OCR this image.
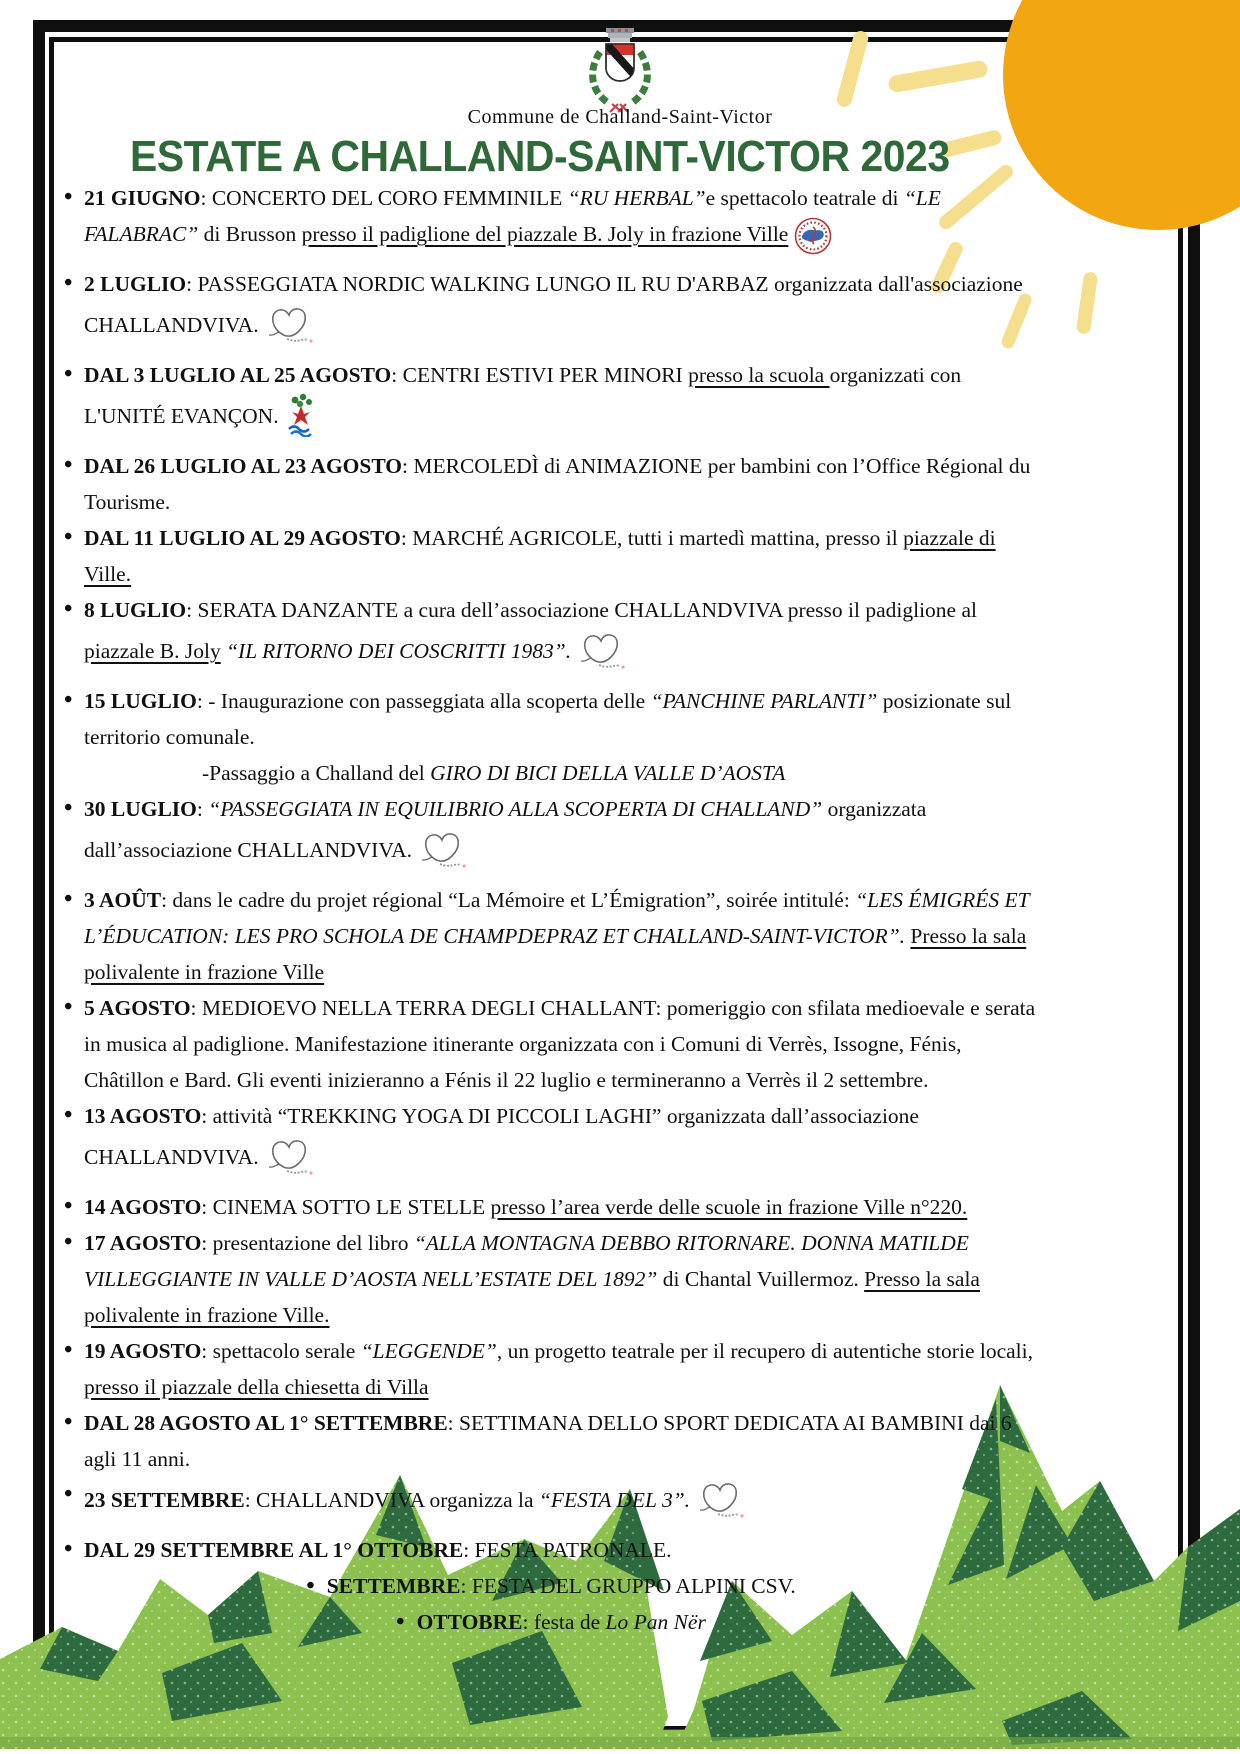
Commune de Challand-Saint-Victor
ESTATE A CHALLAND-SAINT-VICTOR 2023
• 21 GIUGNO: CONCERTO DEL CORO FEMMINILE “RU HERBAL”e spettacolo teatrale di “LE FALABRAC” di Brusson presso il padiglione del piazzale B. Joly in frazione Ville
• 2 LUGLIO: PASSEGGIATA NORDIC WALKING LUNGO IL RU D'ARBAZ organizzata dall'associazione CHALLANDVIVA.
• DAL 3 LUGLIO AL 25 AGOSTO: CENTRI ESTIVI PER MINORI presso la scuola organizzati con L'UNITÉ EVANÇON.
• DAL 26 LUGLIO AL 23 AGOSTO: MERCOLEDÌ di ANIMAZIONE per bambini con l’Office Régional du Tourisme.
• DAL 11 LUGLIO AL 29 AGOSTO: MARCHÉ AGRICOLE, tutti i martedì mattina, presso il piazzale di Ville.
• 8 LUGLIO: SERATA DANZANTE a cura dell’associazione CHALLANDVIVA presso il padiglione al piazzale B. Joly “IL RITORNO DEI COSCRITTI 1983”.
• 15 LUGLIO: - Inaugurazione con passeggiata alla scoperta delle “PANCHINE PARLANTI” posizionate sul territorio comunale.
-Passaggio a Challand del GIRO DI BICI DELLA VALLE D’AOSTA
• 30 LUGLIO: “PASSEGGIATA IN EQUILIBRIO ALLA SCOPERTA DI CHALLAND” organizzata dall’associazione CHALLANDVIVA.
• 3 AOÛT: dans le cadre du projet régional “La Mémoire et L’Émigration”, soirée intitulé: “LES ÉMIGRÉS ET L’ÉDUCATION: LES PRO SCHOLA DE CHAMPDEPRAZ ET CHALLAND-SAINT-VICTOR”. Presso la sala polivalente in frazione Ville
• 5 AGOSTO: MEDIOEVO NELLA TERRA DEGLI CHALLANT: pomeriggio con sfilata medioevale e serata in musica al padiglione. Manifestazione itinerante organizzata con i Comuni di Verrès, Issogne, Fénis, Châtillon e Bard. Gli eventi inizieranno a Fénis il 22 luglio e termineranno a Verrès il 2 settembre.
• 13 AGOSTO: attività “TREKKING YOGA DI PICCOLI LAGHI” organizzata dall’associazione CHALLANDVIVA.
• 14 AGOSTO: CINEMA SOTTO LE STELLE presso l’area verde delle scuole in frazione Ville n°220.
• 17 AGOSTO: presentazione del libro “ALLA MONTAGNA DEBBO RITORNARE. DONNA MATILDE VILLEGGIANTE IN VALLE D’AOSTA NELL’ESTATE DEL 1892” di Chantal Vuillermoz. Presso la sala polivalente in frazione Ville.
• 19 AGOSTO: spettacolo serale “LEGGENDE”, un progetto teatrale per il recupero di autentiche storie locali, presso il piazzale della chiesetta di Villa
• DAL 28 AGOSTO AL 1° SETTEMBRE: SETTIMANA DELLO SPORT DEDICATA AI BAMBINI dai 6 agli 11 anni.
• 23 SETTEMBRE: CHALLANDVIVA organizza la “FESTA DEL 3”.
• DAL 29 SETTEMBRE AL 1° OTTOBRE: FESTA PATRONALE.
• SETTEMBRE: FESTA DEL GRUPPO ALPINI CSV.
• OTTOBRE: festa de Lo Pan Nër
